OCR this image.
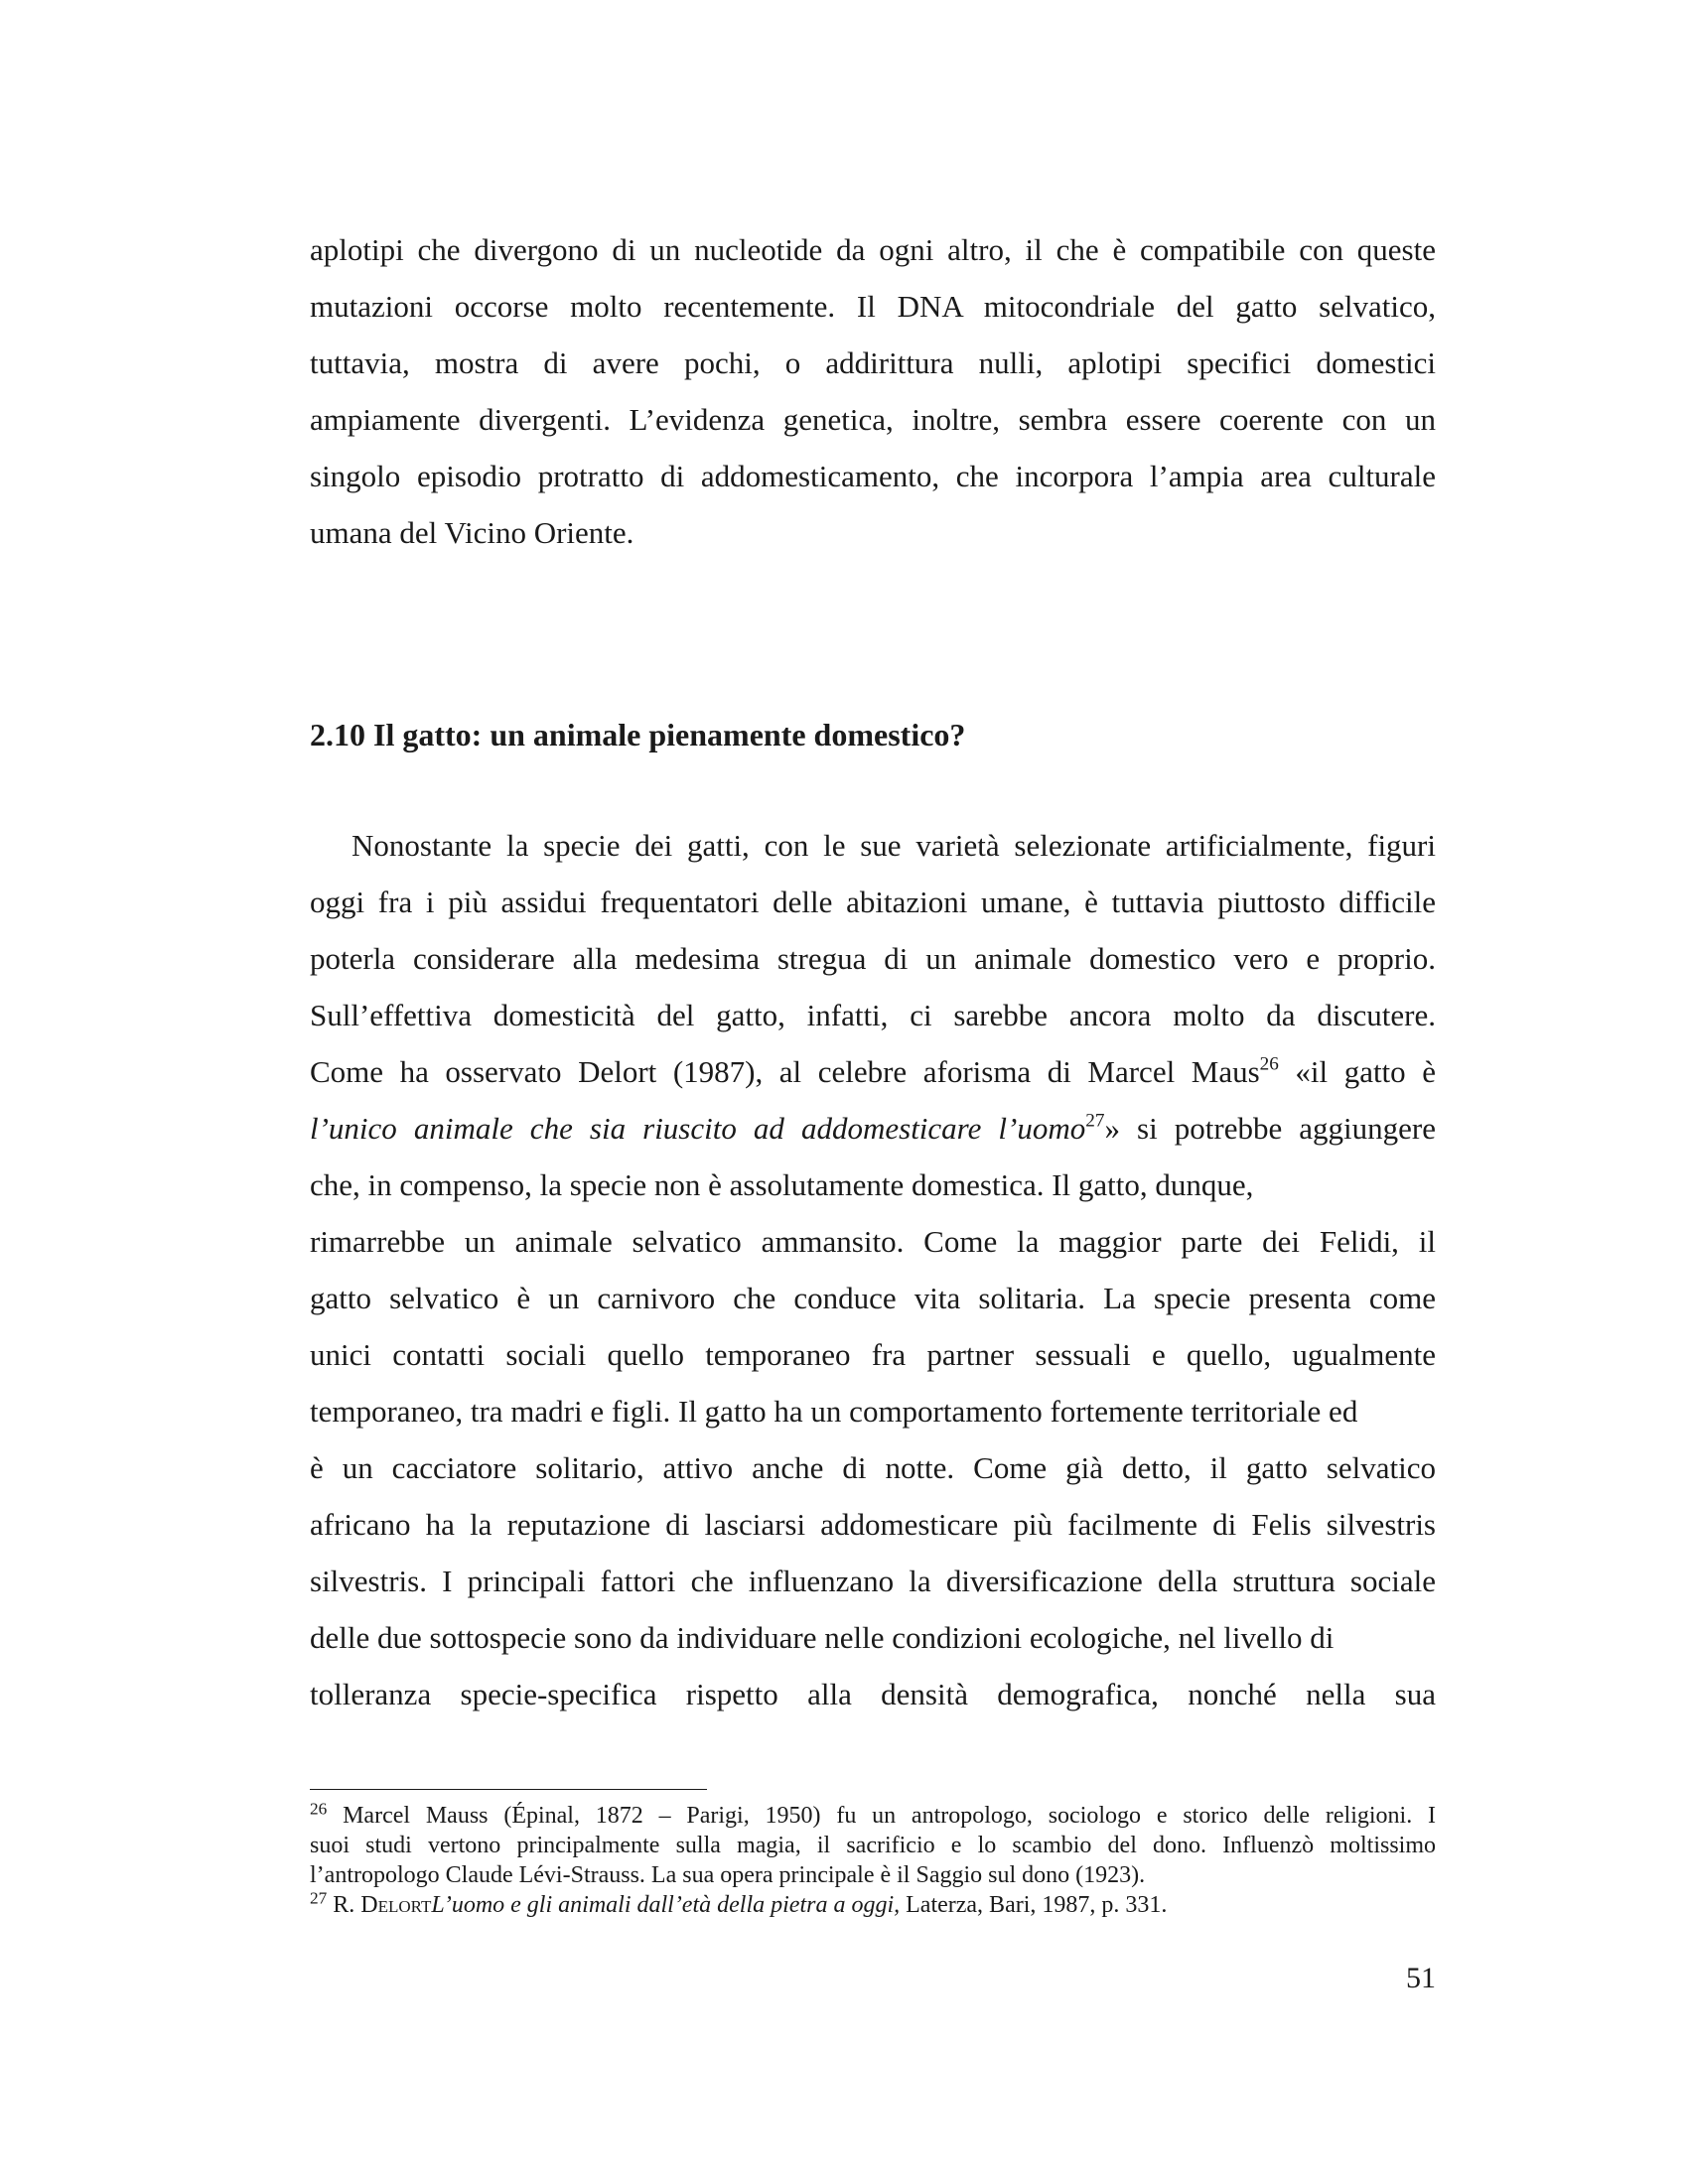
aplotipi che divergono di un nucleotide da ogni altro, il che è compatibile con queste
mutazioni occorse molto recentemente. Il DNA mitocondriale del gatto selvatico,
tuttavia, mostra di avere pochi, o addirittura nulli, aplotipi specifici domestici
ampiamente divergenti. L’evidenza genetica, inoltre, sembra essere coerente con un
singolo episodio protratto di addomesticamento, che incorpora l’ampia area culturale
umana del Vicino Oriente.
2.10 Il gatto: un animale pienamente domestico?
Nonostante la specie dei gatti, con le sue varietà selezionate artificialmente, figuri
oggi fra i più assidui frequentatori delle abitazioni umane, è tuttavia piuttosto difficile
poterla considerare alla medesima stregua di un animale domestico vero e proprio.
Sull’effettiva domesticità del gatto, infatti, ci sarebbe ancora molto da discutere.
Come ha osservato Delort (1987), al celebre aforisma di Marcel Maus$^{26}$ «il gatto è
l’unico animale che sia riuscito ad addomesticare l’uomo$^{27}$» si potrebbe aggiungere
che, in compenso, la specie non è assolutamente domestica. Il gatto, dunque,
rimarrebbe un animale selvatico ammansito. Come la maggior parte dei Felidi, il
gatto selvatico è un carnivoro che conduce vita solitaria. La specie presenta come
unici contatti sociali quello temporaneo fra partner sessuali e quello, ugualmente
temporaneo, tra madri e figli. Il gatto ha un comportamento fortemente territoriale ed
è un cacciatore solitario, attivo anche di notte. Come già detto, il gatto selvatico
africano ha la reputazione di lasciarsi addomesticare più facilmente di Felis silvestris
silvestris. I principali fattori che influenzano la diversificazione della struttura sociale
delle due sottospecie sono da individuare nelle condizioni ecologiche, nel livello di
tolleranza specie-specifica rispetto alla densità demografica, nonché nella sua
$^{26}$ Marcel Mauss (Épinal, 1872 – Parigi, 1950) fu un antropologo, sociologo e storico delle religioni. I
suoi studi vertono principalmente sulla magia, il sacrificio e lo scambio del dono. Influenzò moltissimo
l’antropologo Claude Lévi-Strauss. La sua opera principale è il Saggio sul dono (1923).
$^{27}$ R. DelortL’uomo e gli animali dall’età della pietra a oggi, Laterza, Bari, 1987, p. 331.
51
